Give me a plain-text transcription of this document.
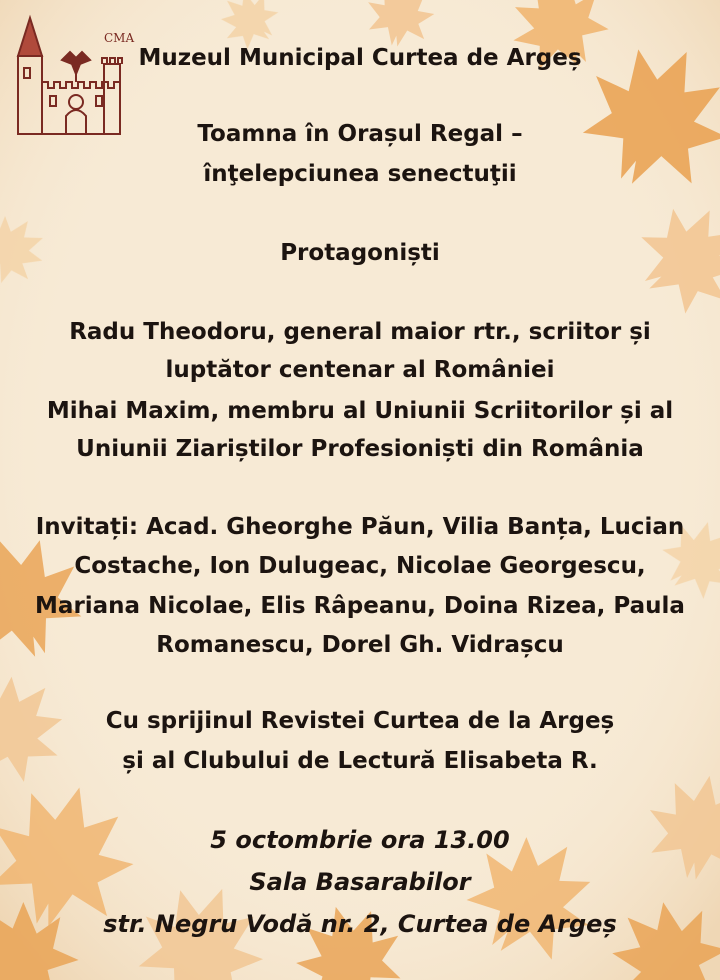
CMA
Muzeul Municipal Curtea de Argeș
Toamna în Orașul Regal –
înţelepciunea senectuţii
Protagoniști
Radu Theodoru, general maior rtr., scriitor și
luptător centenar al României
Mihai Maxim, membru al Uniunii Scriitorilor și al
Uniunii Ziariștilor Profesioniști din România
Invitați: Acad. Gheorghe Păun, Vilia Banța, Lucian
Costache, Ion Dulugeac, Nicolae Georgescu,
Mariana Nicolae, Elis Râpeanu, Doina Rizea, Paula
Romanescu, Dorel Gh. Vidrașcu
Cu sprijinul Revistei Curtea de la Argeș
și al Clubului de Lectură Elisabeta R.
5 octombrie ora 13.00
Sala Basarabilor
str. Negru Vodă nr. 2, Curtea de Argeș
